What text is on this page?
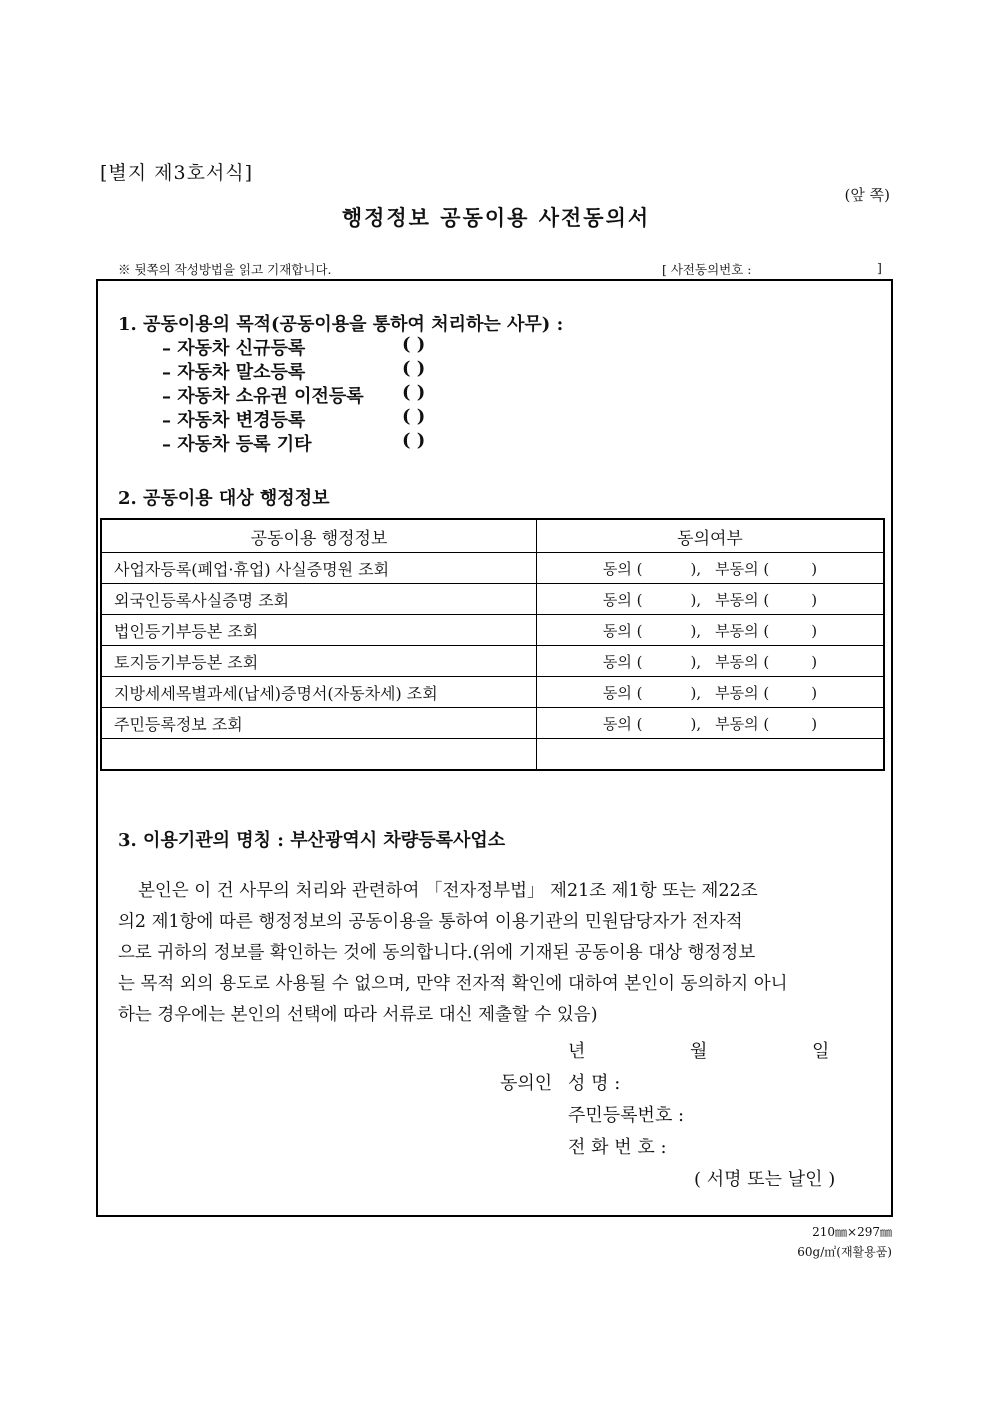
[별지 제3호서식]
(앞 쪽)
행정정보 공동이용 사전동의서
※ 뒷쪽의 작성방법을 읽고 기재합니다.	[ 사전동의번호 :	]
1. 공동이용의 목적(공동이용을 통하여 처리하는 사무) :
– 자동차 신규등록	( )
– 자동차 말소등록	( )
– 자동차 소유권 이전등록 ( )
– 자동차 변경등록	( )
– 자동차 등록 기타	( )
2. 공동이용 대상 행정정보
공동이용 행정정보	동의여부
사업자등록(폐업·휴업) 사실증명원 조회	동의 ( ), 부동의 ( )
외국인등록사실증명 조회	동의 ( ), 부동의 ( )
법인등기부등본 조회	동의 ( ), 부동의 ( )
토지등기부등본 조회	동의 ( ), 부동의 ( )
지방세세목별과세(납세)증명서(자동차세) 조회	동의 ( ), 부동의 ( )
주민등록정보 조회	동의 ( ), 부동의 ( )

3. 이용기관의 명칭 : 부산광역시 차량등록사업소
본인은 이 건 사무의 처리와 관련하여 「전자정부법」 제21조 제1항 또는 제22조
의2 제1항에 따른 행정정보의 공동이용을 통하여 이용기관의 민원담당자가 전자적
으로 귀하의 정보를 확인하는 것에 동의합니다.(위에 기재된 공동이용 대상 행정정보
는 목적 외의 용도로 사용될 수 없으며, 만약 전자적 확인에 대하여 본인이 동의하지 아니
하는 경우에는 본인의 선택에 따라 서류로 대신 제출할 수 있음)
년	월	일
동의인 성 명 :
주민등록번호 :
전 화 번 호 :
( 서명 또는 날인 )
210㎜×297㎜
60g/㎡(재활용품)
